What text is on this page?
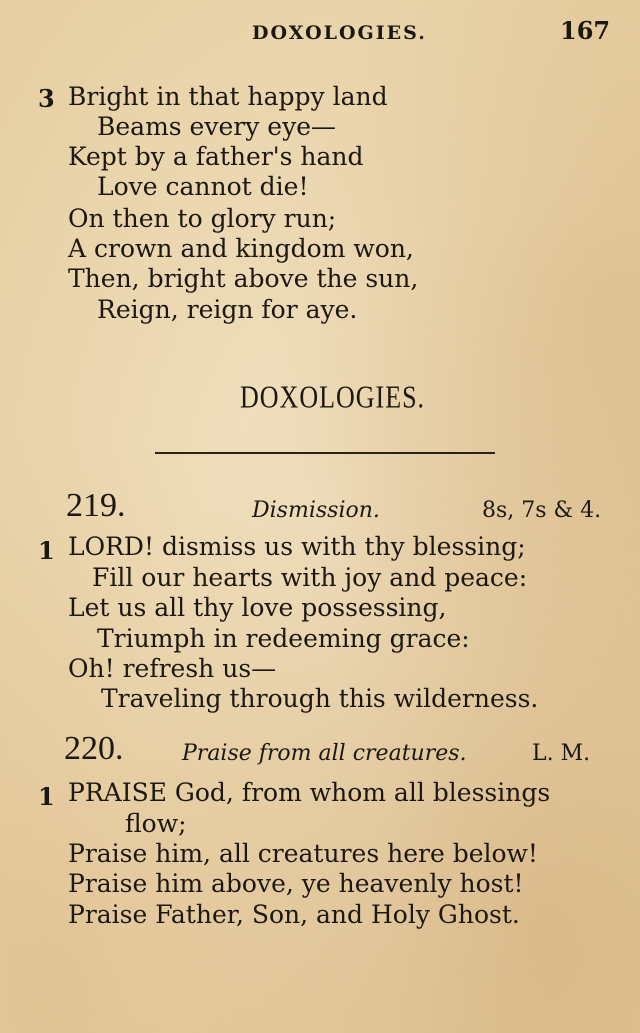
DOXOLOGIES.	167
3 Bright in that happy land
Beams every eye—
Kept by a father's hand
Love cannot die!
On then to glory run;
A crown and kingdom won,
Then, bright above the sun,
Reign, reign for aye.
DOXOLOGIES.
219.	Dismission.	8s, 7s & 4.
1 LORD! dismiss us with thy blessing;
Fill our hearts with joy and peace:
Let us all thy love possessing,
Triumph in redeeming grace:
Oh! refresh us—
Traveling through this wilderness.
220.	Praise from all creatures.	L. M.
1 PRAISE God, from whom all blessings
flow;
Praise him, all creatures here below!
Praise him above, ye heavenly host!
Praise Father, Son, and Holy Ghost.
